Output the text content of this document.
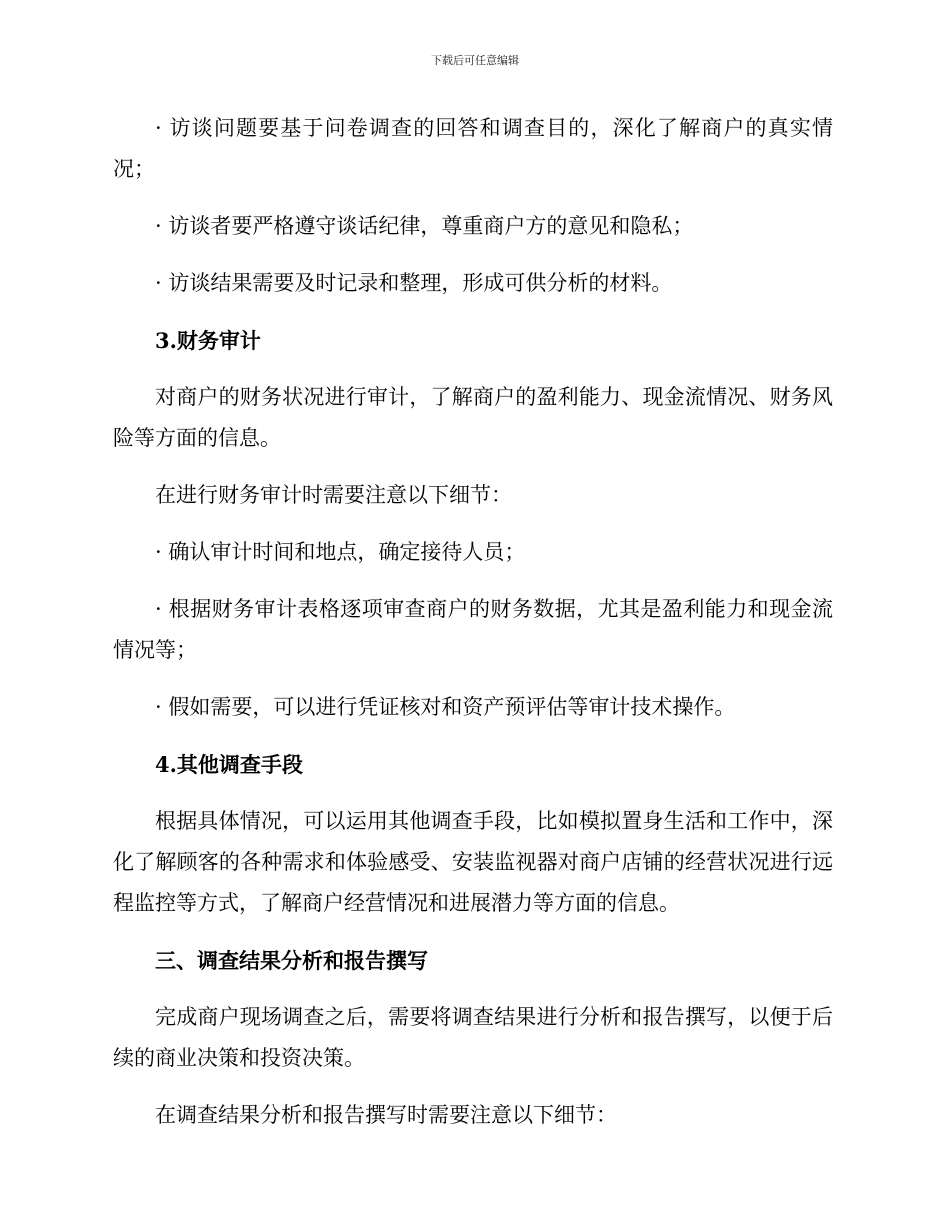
下载后可任意编辑

· 访谈问题要基于问卷调查的回答和调查目的，深化了解商户的真实情况；

· 访谈者要严格遵守谈话纪律，尊重商户方的意见和隐私；

· 访谈结果需要及时记录和整理，形成可供分析的材料。

3.财务审计

对商户的财务状况进行审计，了解商户的盈利能力、现金流情况、财务风险等方面的信息。

在进行财务审计时需要注意以下细节：

· 确认审计时间和地点，确定接待人员；

· 根据财务审计表格逐项审查商户的财务数据，尤其是盈利能力和现金流情况等；

· 假如需要，可以进行凭证核对和资产预评估等审计技术操作。

4.其他调查手段

根据具体情况，可以运用其他调查手段，比如模拟置身生活和工作中，深化了解顾客的各种需求和体验感受、安装监视器对商户店铺的经营状况进行远程监控等方式，了解商户经营情况和进展潜力等方面的信息。

三、调查结果分析和报告撰写

完成商户现场调查之后，需要将调查结果进行分析和报告撰写，以便于后续的商业决策和投资决策。

在调查结果分析和报告撰写时需要注意以下细节：
